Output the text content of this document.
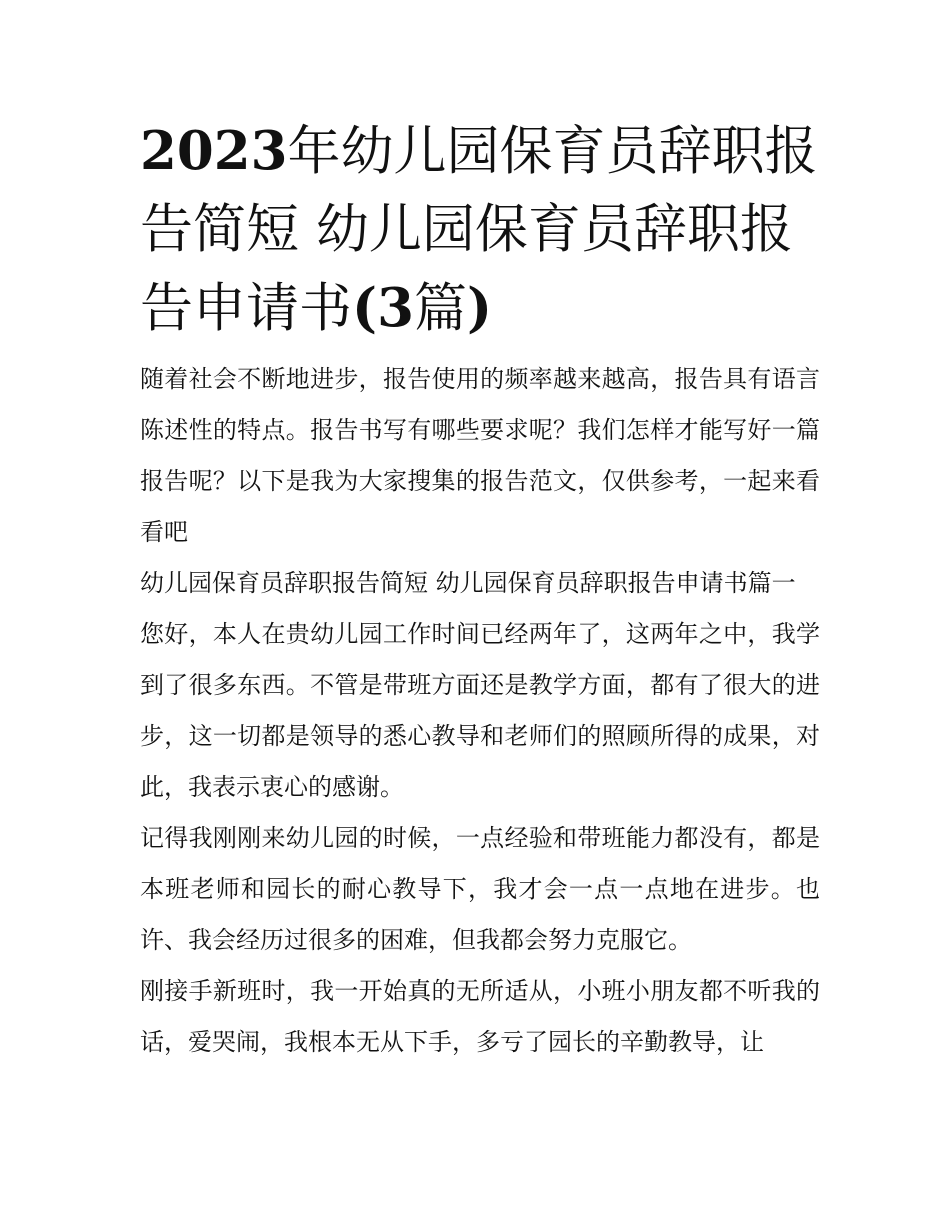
2023年幼儿园保育员辞职报告简短 幼儿园保育员辞职报告申请书(3篇)

随着社会不断地进步，报告使用的频率越来越高，报告具有语言陈述性的特点。报告书写有哪些要求呢？我们怎样才能写好一篇报告呢？以下是我为大家搜集的报告范文，仅供参考，一起来看看吧

幼儿园保育员辞职报告简短 幼儿园保育员辞职报告申请书篇一

您好，本人在贵幼儿园工作时间已经两年了，这两年之中，我学到了很多东西。不管是带班方面还是教学方面，都有了很大的进步，这一切都是领导的悉心教导和老师们的照顾所得的成果，对此，我表示衷心的感谢。

记得我刚刚来幼儿园的时候，一点经验和带班能力都没有，都是本班老师和园长的耐心教导下，我才会一点一点地在进步。也许、我会经历过很多的困难，但我都会努力克服它。

刚接手新班时，我一开始真的无所适从，小班小朋友都不听我的话，爱哭闹，我根本无从下手，多亏了园长的辛勤教导，让
